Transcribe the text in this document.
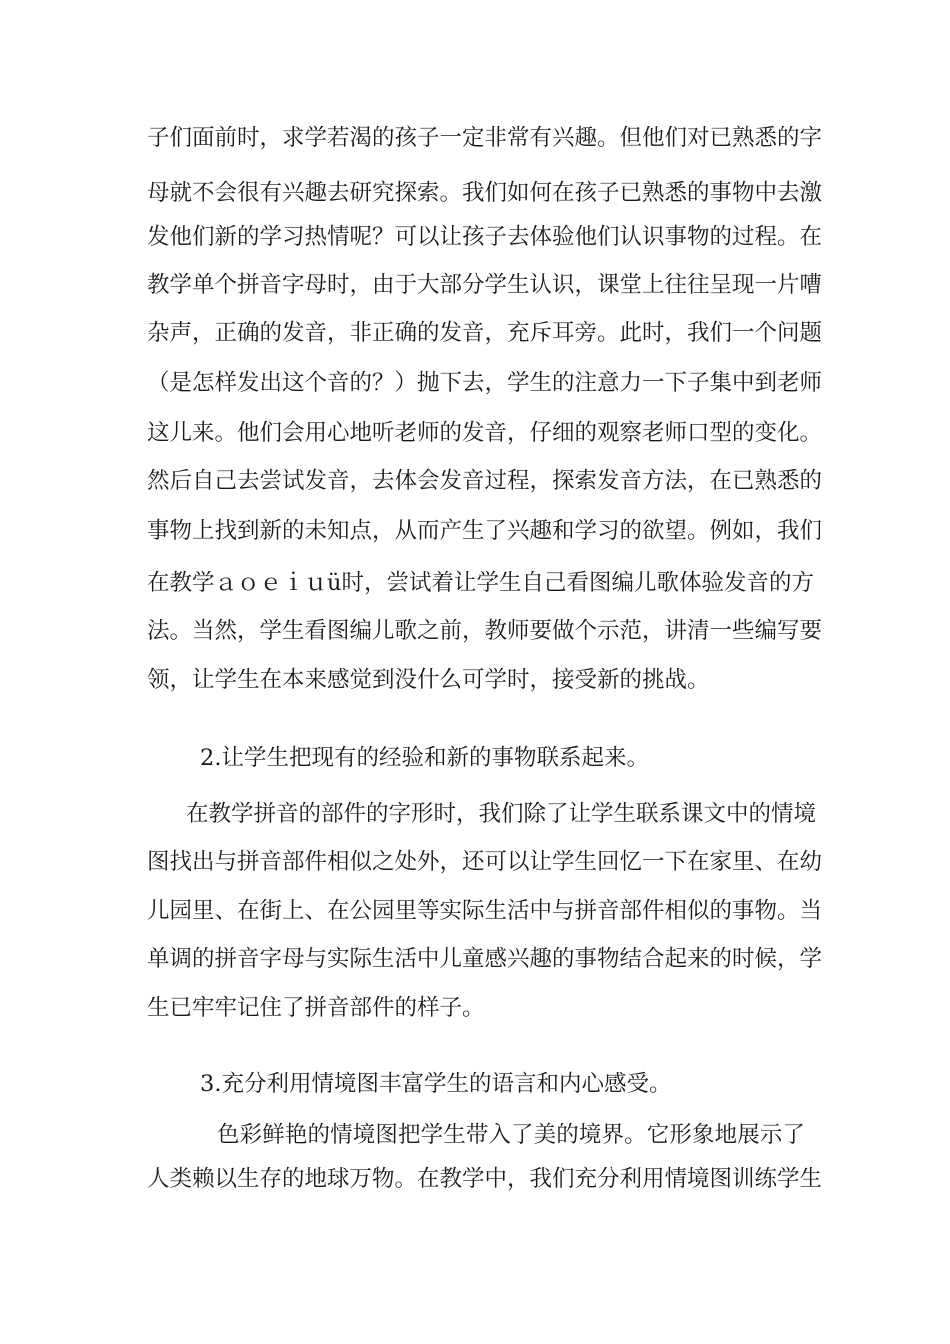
子们面前时，求学若渴的孩子一定非常有兴趣。但他们对已熟悉的字
母就不会很有兴趣去研究探索。我们如何在孩子已熟悉的事物中去激
发他们新的学习热情呢？可以让孩子去体验他们认识事物的过程。在
教学单个拼音字母时，由于大部分学生认识，课堂上往往呈现一片嘈
杂声，正确的发音，非正确的发音，充斥耳旁。此时，我们一个问题
（是怎样发出这个音的？）抛下去，学生的注意力一下子集中到老师
这儿来。他们会用心地听老师的发音，仔细的观察老师口型的变化。
然后自己去尝试发音，去体会发音过程，探索发音方法，在已熟悉的
事物上找到新的未知点，从而产生了兴趣和学习的欲望。例如，我们
在教学ａｏｅｉｕü时，尝试着让学生自己看图编儿歌体验发音的方
法。当然，学生看图编儿歌之前，教师要做个示范，讲清一些编写要
领，让学生在本来感觉到没什么可学时，接受新的挑战。
2.让学生把现有的经验和新的事物联系起来。
在教学拼音的部件的字形时，我们除了让学生联系课文中的情境
图找出与拼音部件相似之处外，还可以让学生回忆一下在家里、在幼
儿园里、在街上、在公园里等实际生活中与拼音部件相似的事物。当
单调的拼音字母与实际生活中儿童感兴趣的事物结合起来的时候，学
生已牢牢记住了拼音部件的样子。
3.充分利用情境图丰富学生的语言和内心感受。
色彩鲜艳的情境图把学生带入了美的境界。它形象地展示了
人类赖以生存的地球万物。在教学中，我们充分利用情境图训练学生
